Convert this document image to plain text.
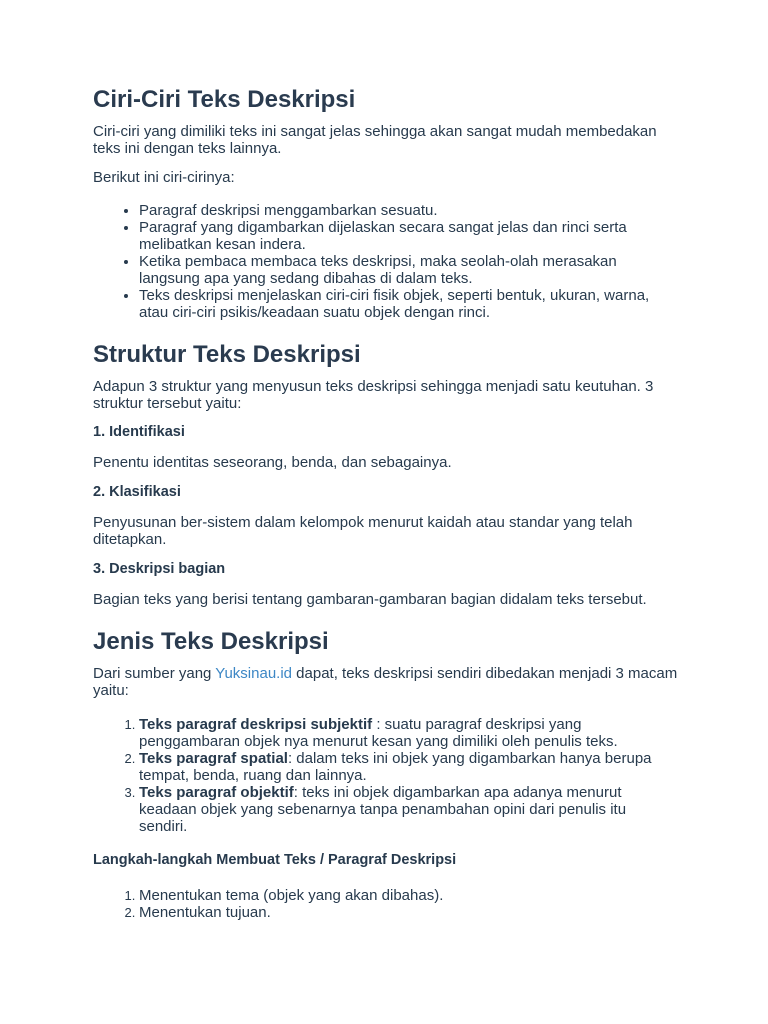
Ciri-Ciri Teks Deskripsi

Ciri-ciri yang dimiliki teks ini sangat jelas sehingga akan sangat mudah membedakan teks ini dengan teks lainnya.

Berikut ini ciri-cirinya:

• Paragraf deskripsi menggambarkan sesuatu.
• Paragraf yang digambarkan dijelaskan secara sangat jelas dan rinci serta melibatkan kesan indera.
• Ketika pembaca membaca teks deskripsi, maka seolah-olah merasakan langsung apa yang sedang dibahas di dalam teks.
• Teks deskripsi menjelaskan ciri-ciri fisik objek, seperti bentuk, ukuran, warna, atau ciri-ciri psikis/keadaan suatu objek dengan rinci.
Struktur Teks Deskripsi

Adapun 3 struktur yang menyusun teks deskripsi sehingga menjadi satu keutuhan. 3 struktur tersebut yaitu:

1. Identifikasi

Penentu identitas seseorang, benda, dan sebagainya.

2. Klasifikasi

Penyusunan ber-sistem dalam kelompok menurut kaidah atau standar yang telah ditetapkan.

3. Deskripsi bagian

Bagian teks yang berisi tentang gambaran-gambaran bagian didalam teks tersebut.

Jenis Teks Deskripsi

Dari sumber yang Yuksinau.id dapat, teks deskripsi sendiri dibedakan menjadi 3 macam yaitu:

1. Teks paragraf deskripsi subjektif : suatu paragraf deskripsi yang penggambaran objek nya menurut kesan yang dimiliki oleh penulis teks.
2. Teks paragraf spatial: dalam teks ini objek yang digambarkan hanya berupa tempat, benda, ruang dan lainnya.
3. Teks paragraf objektif: teks ini objek digambarkan apa adanya menurut keadaan objek yang sebenarnya tanpa penambahan opini dari penulis itu sendiri.

Langkah-langkah Membuat Teks / Paragraf Deskripsi

1. Menentukan tema (objek yang akan dibahas).
2. Menentukan tujuan.
